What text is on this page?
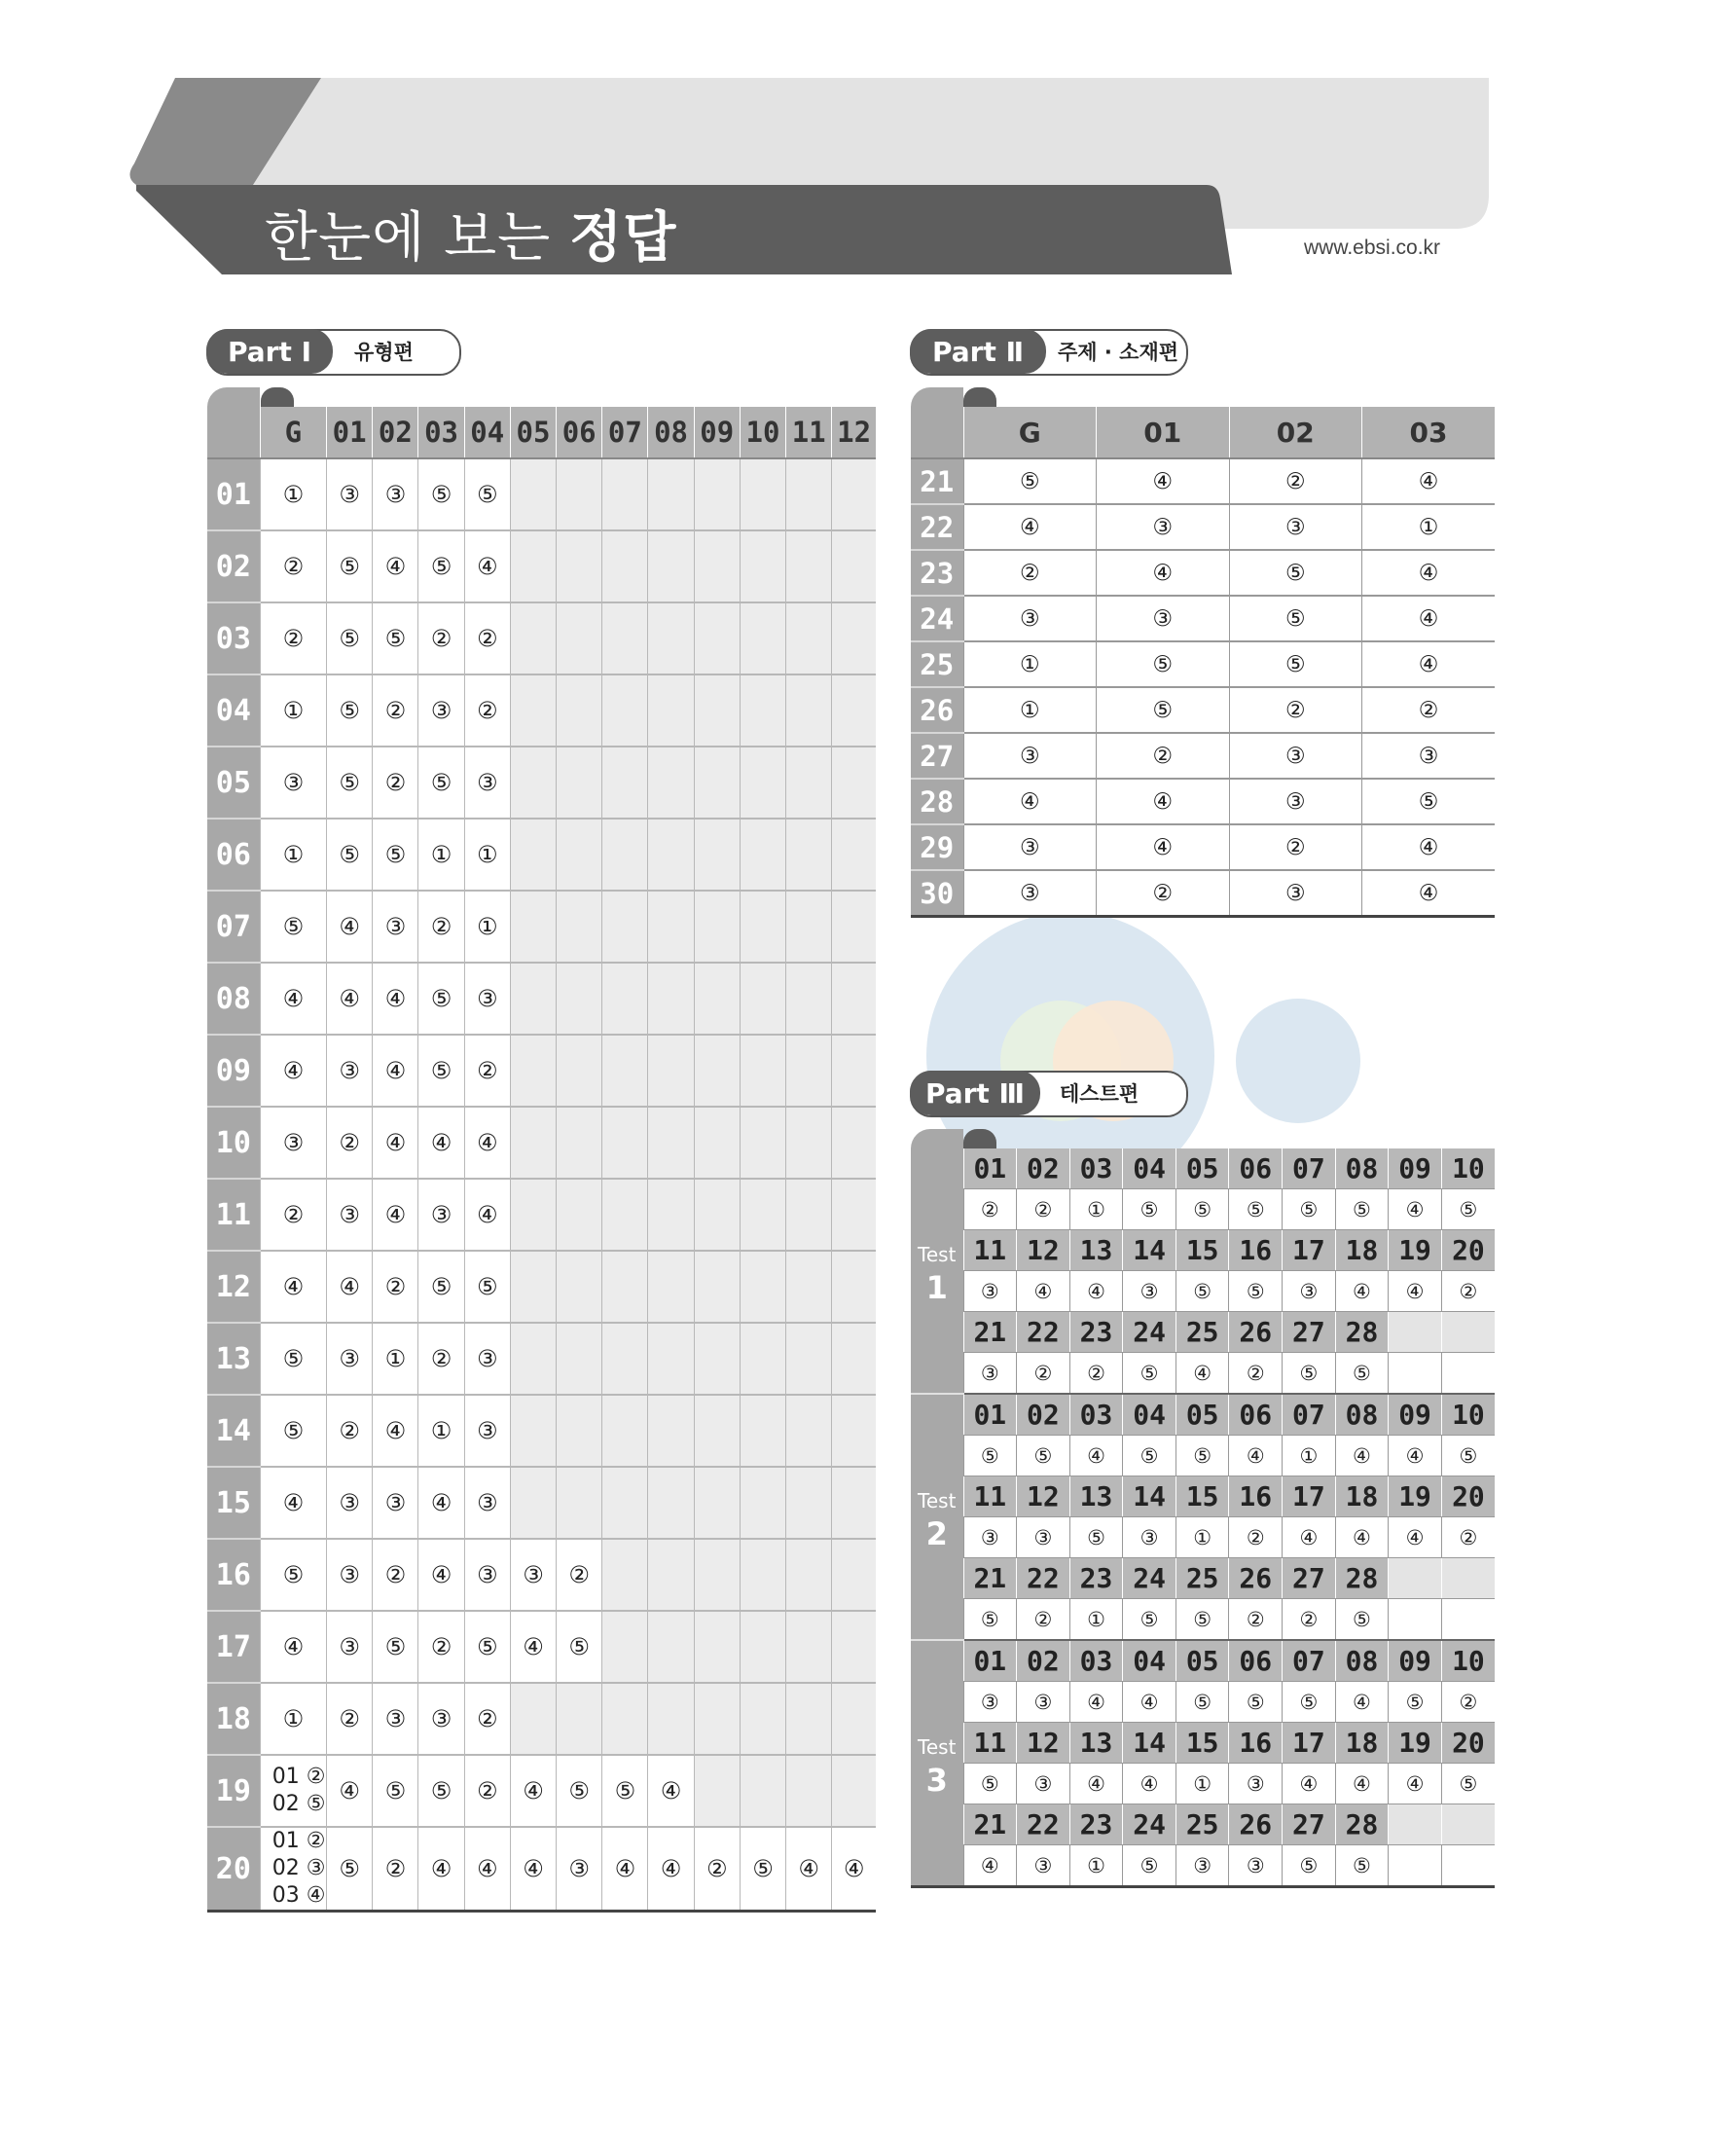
한눈에 보는 정답	www.ebsi.co.kr
Part Ⅰ	유형편
	G	01	02	03	04	05	06	07	08	09	10	11	12
01	①	③	③	⑤	⑤								
02	②	⑤	④	⑤	④								
03	②	⑤	⑤	②	②								
04	①	⑤	②	③	②								
05	③	⑤	②	⑤	③								
06	①	⑤	⑤	①	①								
07	⑤	④	③	②	①								
08	④	④	④	⑤	③								
09	④	③	④	⑤	②								
10	③	②	④	④	④								
11	②	③	④	③	④								
12	④	④	②	⑤	⑤								
13	⑤	③	①	②	③								
14	⑤	②	④	①	③								
15	④	③	③	④	③								
16	⑤	③	②	④	③	③	②						
17	④	③	⑤	②	⑤	④	⑤						
18	①	②	③	③	②								
19	01 ②
02 ⑤	④	⑤	⑤	②	④	⑤	⑤	④				
20	01 ②
02 ③
03 ④	⑤	②	④	④	④	③	④	④	②	⑤	④	④
Part Ⅱ	주제 · 소재편
	G	01	02	03
21	⑤	④	②	④
22	④	③	③	①
23	②	④	⑤	④
24	③	③	⑤	④
25	①	⑤	⑤	④
26	①	⑤	②	②
27	③	②	③	③
28	④	④	③	⑤
29	③	④	②	④
30	③	②	③	④
Part Ⅲ	테스트편
Test
1	01	02	03	04	05	06	07	08	09	10
	②	②	①	⑤	⑤	⑤	⑤	⑤	④	⑤
	11	12	13	14	15	16	17	18	19	20
	③	④	④	③	⑤	⑤	③	④	④	②
	21	22	23	24	25	26	27	28		
	③	②	②	⑤	④	②	⑤	⑤		

Test
2	01	02	03	04	05	06	07	08	09	10
	⑤	⑤	④	⑤	⑤	④	①	④	④	⑤
	11	12	13	14	15	16	17	18	19	20
	③	③	⑤	③	①	②	④	④	④	②
	21	22	23	24	25	26	27	28		
	⑤	②	①	⑤	⑤	②	②	⑤		

Test
3	01	02	03	04	05	06	07	08	09	10
	③	③	④	④	⑤	⑤	⑤	④	⑤	②
	11	12	13	14	15	16	17	18	19	20
	⑤	③	④	④	①	③	④	④	④	⑤
	21	22	23	24	25	26	27	28		
	④	③	①	⑤	③	③	⑤	⑤		
